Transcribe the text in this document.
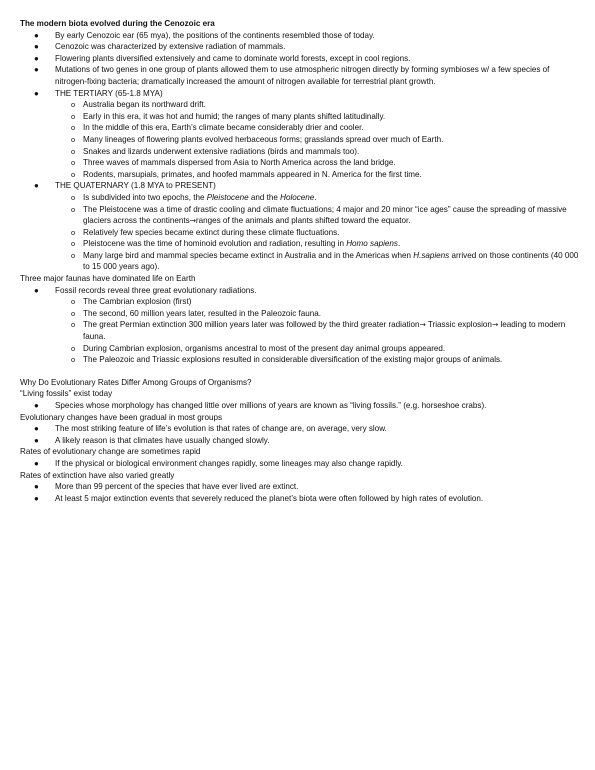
The modern biota evolved during the Cenozoic era

● By early Cenozoic ear (65 mya), the positions of the continents resembled those of today.
● Cenozoic was characterized by extensive radiation of mammals.
● Flowering plants diversified extensively and came to dominate world forests, except in cool regions.
● Mutations of two genes in one group of plants allowed them to use atmospheric nitrogen directly by forming symbioses w/ a few species of nitrogen-fixing bacteria; dramatically increased the amount of nitrogen available for terrestrial plant growth.
● THE TERTIARY (65-1.8 MYA)
o Australia began its northward drift.
o Early in this era, it was hot and humid; the ranges of many plants shifted latitudinally.
o In the middle of this era, Earth’s climate became considerably drier and cooler.
o Many lineages of flowering plants evolved herbaceous forms; grasslands spread over much of Earth.
o Snakes and lizards underwent extensive radiations (birds and mammals too).
o Three waves of mammals dispersed from Asia to North America across the land bridge.
o Rodents, marsupials, primates, and hoofed mammals appeared in N. America for the first time.
● THE QUATERNARY (1.8 MYA to PRESENT)
o Is subdivided into two epochs, the Pleistocene and the Holocene.
o The Pleistocene was a time of drastic cooling and climate fluctuations; 4 major and 20 minor “ice ages” cause the spreading of massive glaciers across the continents→ranges of the animals and plants shifted toward the equator.
o Relatively few species became extinct during these climate fluctuations.
o Pleistocene was the time of hominoid evolution and radiation, resulting in Homo sapiens.
o Many large bird and mammal species became extinct in Australia and in the Americas when H.sapiens arrived on those continents (40 000 to 15 000 years ago).

Three major faunas have dominated life on Earth

● Fossil records reveal three great evolutionary radiations.
o The Cambrian explosion (first)
o The second, 60 million years later, resulted in the Paleozoic fauna.
o The great Permian extinction 300 million years later was followed by the third greater radiation→ Triassic explosion→ leading to modern fauna.
o During Cambrian explosion, organisms ancestral to most of the present day animal groups appeared.
o The Paleozoic and Triassic explosions resulted in considerable diversification of the existing major groups of animals.

Why Do Evolutionary Rates Differ Among Groups of Organisms?

“Living fossils” exist today

● Species whose morphology has changed little over millions of years are known as “living fossils.” (e.g. horseshoe crabs).

Evolutionary changes have been gradual in most groups

● The most striking feature of life’s evolution is that rates of change are, on average, very slow.
● A likely reason is that climates have usually changed slowly.

Rates of evolutionary change are sometimes rapid

● If the physical or biological environment changes rapidly, some lineages may also change rapidly.

Rates of extinction have also varied greatly

● More than 99 percent of the species that have ever lived are extinct.
● At least 5 major extinction events that severely reduced the planet’s biota were often followed by high rates of evolution.
